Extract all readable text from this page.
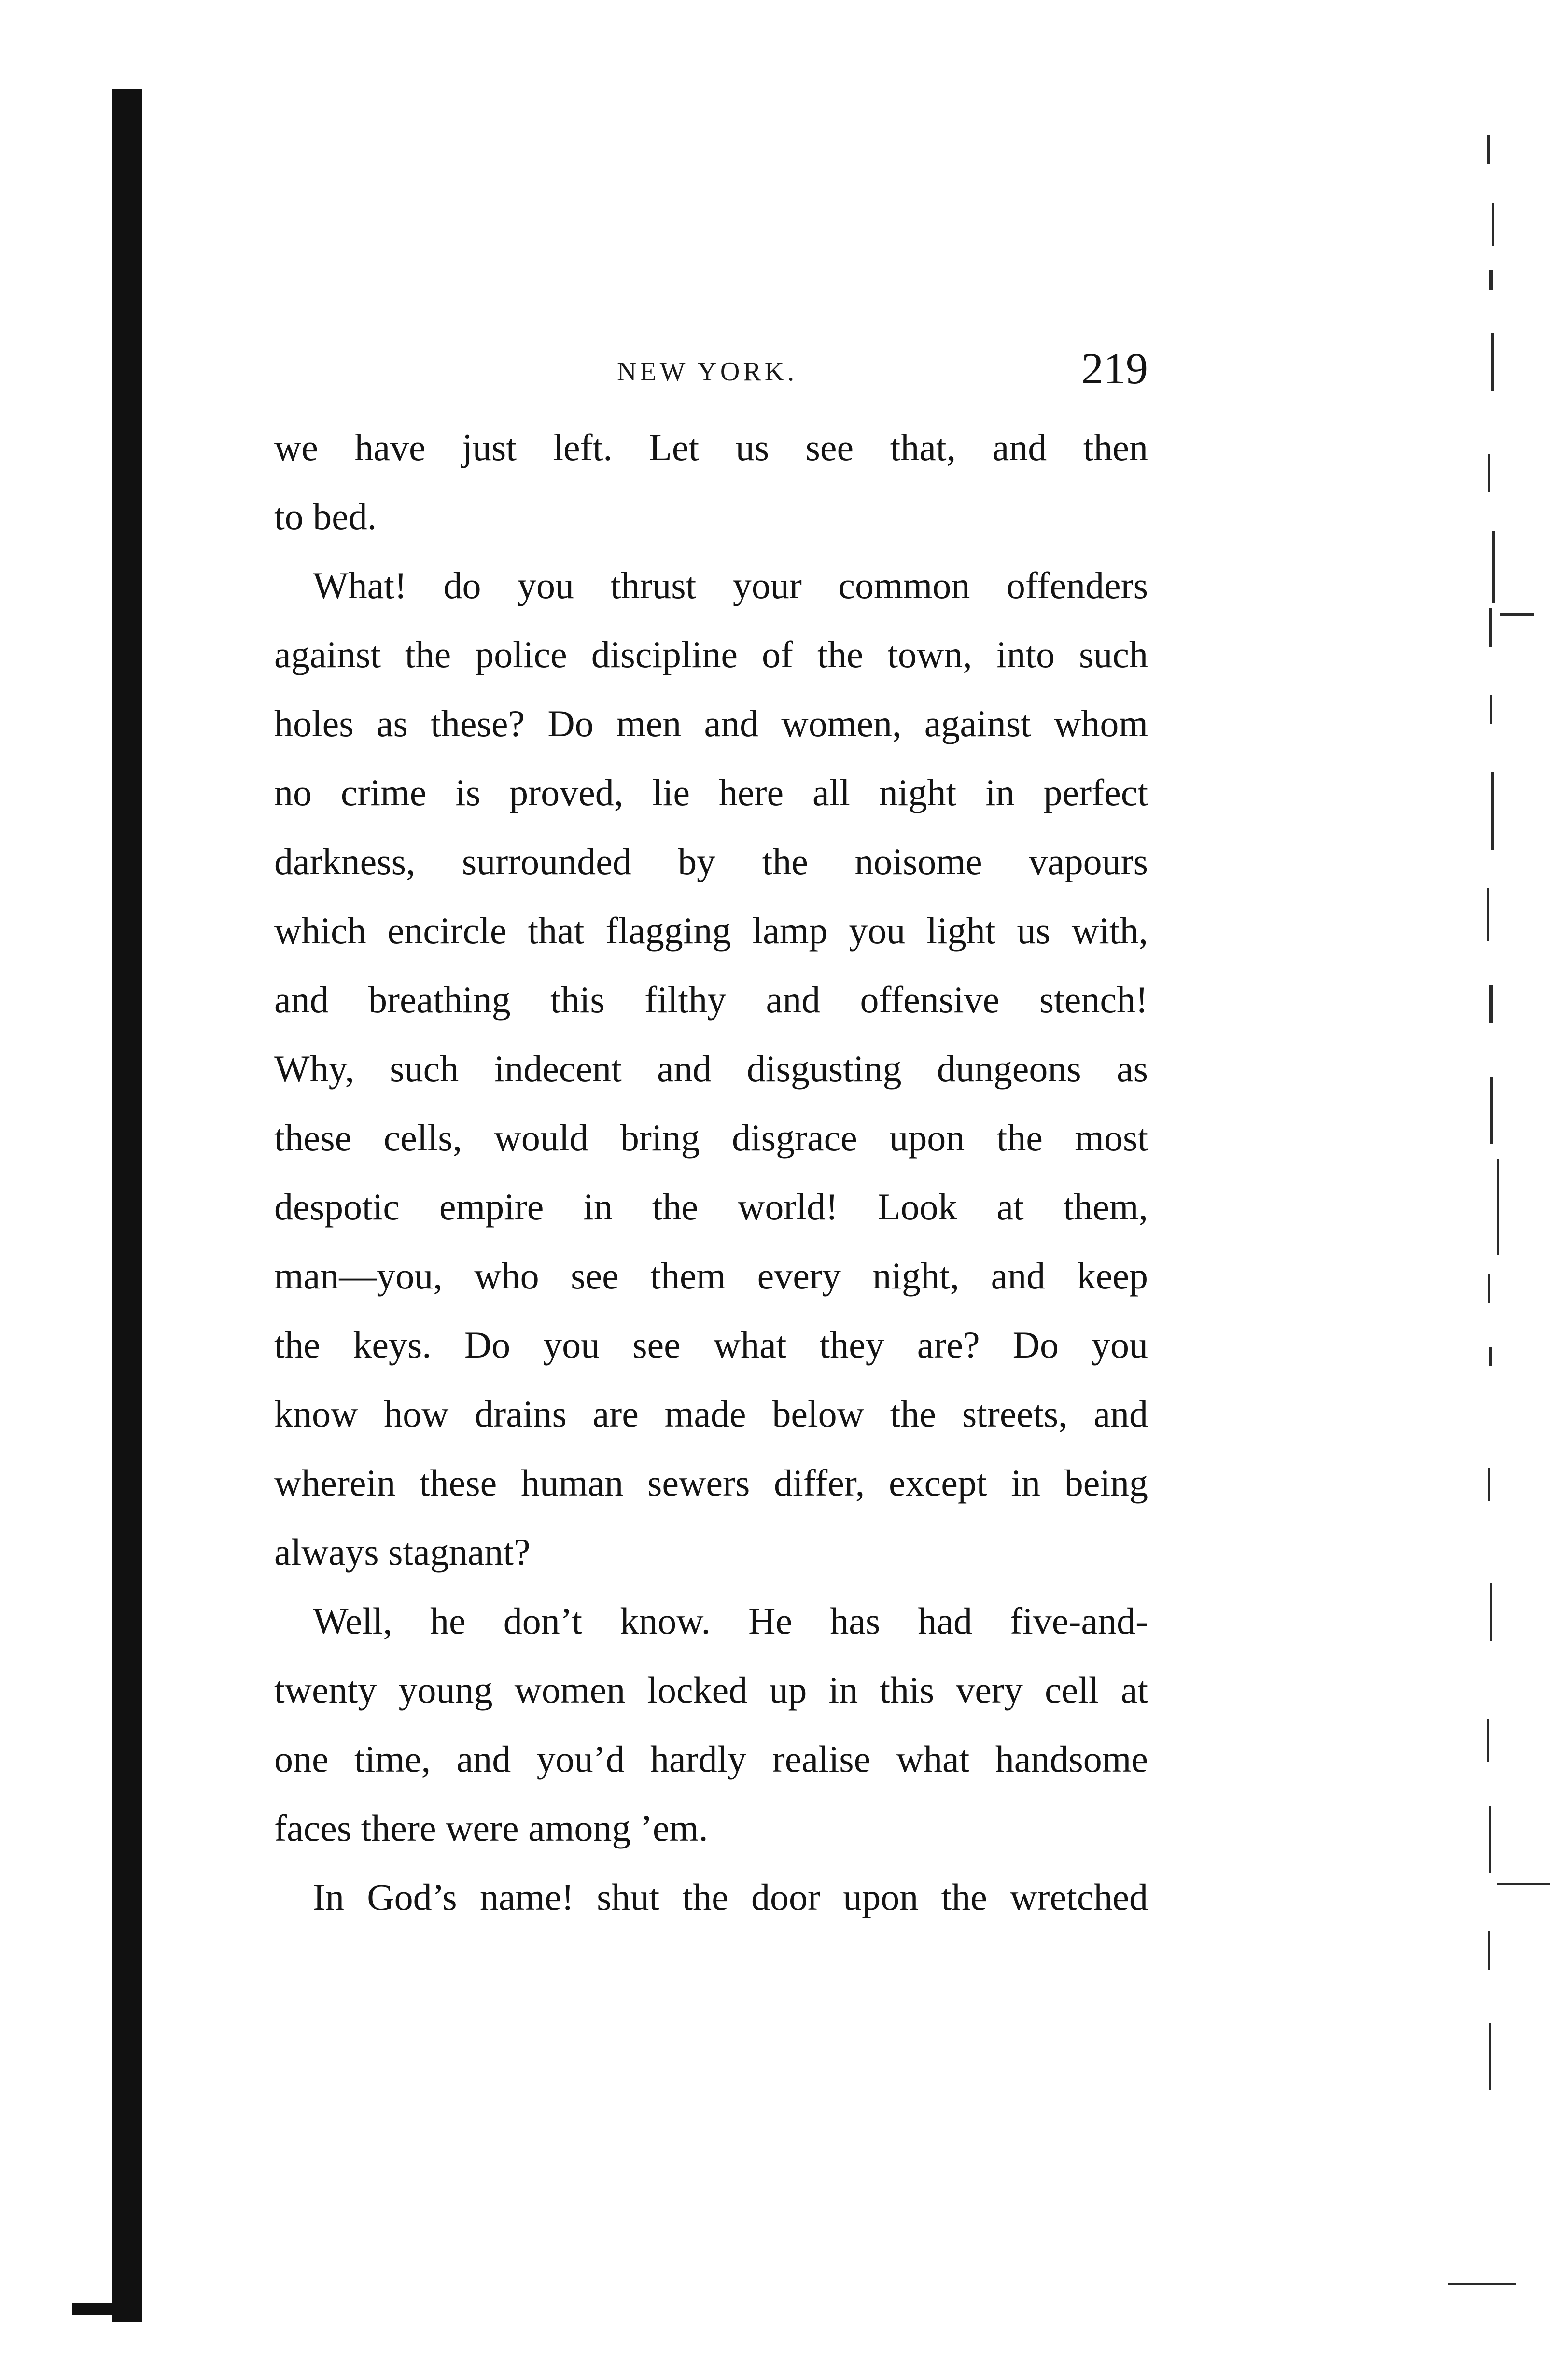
NEW YORK.	219
we have just left. Let us see that, and then
to bed.
What! do you thrust your common offenders
against the police discipline of the town, into such
holes as these? Do men and women, against whom
no crime is proved, lie here all night in perfect
darkness, surrounded by the noisome vapours
which encircle that flagging lamp you light us with,
and breathing this filthy and offensive stench!
Why, such indecent and disgusting dungeons as
these cells, would bring disgrace upon the most
despotic empire in the world! Look at them,
man—you, who see them every night, and keep
the keys. Do you see what they are? Do you
know how drains are made below the streets, and
wherein these human sewers differ, except in being
always stagnant?
Well, he don’t know. He has had five-and-
twenty young women locked up in this very cell at
one time, and you’d hardly realise what handsome
faces there were among ’em.
In God’s name! shut the door upon the wretched
